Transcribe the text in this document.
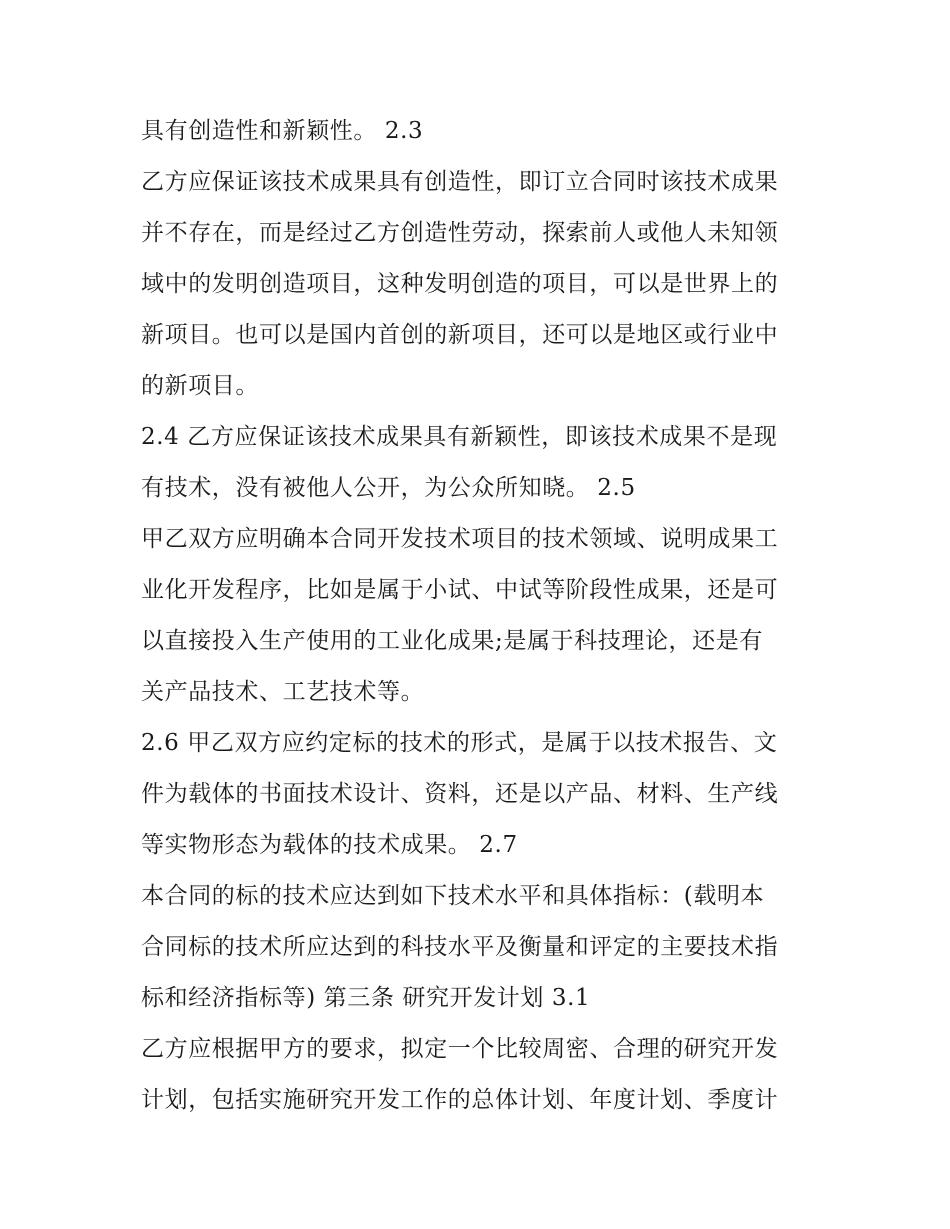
具有创造性和新颖性。 2.3
乙方应保证该技术成果具有创造性，即订立合同时该技术成果
并不存在，而是经过乙方创造性劳动，探索前人或他人未知领
域中的发明创造项目，这种发明创造的项目，可以是世界上的
新项目。也可以是国内首创的新项目，还可以是地区或行业中
的新项目。
2.4 乙方应保证该技术成果具有新颖性，即该技术成果不是现
有技术，没有被他人公开，为公众所知晓。 2.5
甲乙双方应明确本合同开发技术项目的技术领域、说明成果工
业化开发程序，比如是属于小试、中试等阶段性成果，还是可
以直接投入生产使用的工业化成果;是属于科技理论，还是有
关产品技术、工艺技术等。
2.6 甲乙双方应约定标的技术的形式，是属于以技术报告、文
件为载体的书面技术设计、资料，还是以产品、材料、生产线
等实物形态为载体的技术成果。 2.7
本合同的标的技术应达到如下技术水平和具体指标：(载明本
合同标的技术所应达到的科技水平及衡量和评定的主要技术指
标和经济指标等) 第三条 研究开发计划 3.1
乙方应根据甲方的要求，拟定一个比较周密、合理的研究开发
计划，包括实施研究开发工作的总体计划、年度计划、季度计
